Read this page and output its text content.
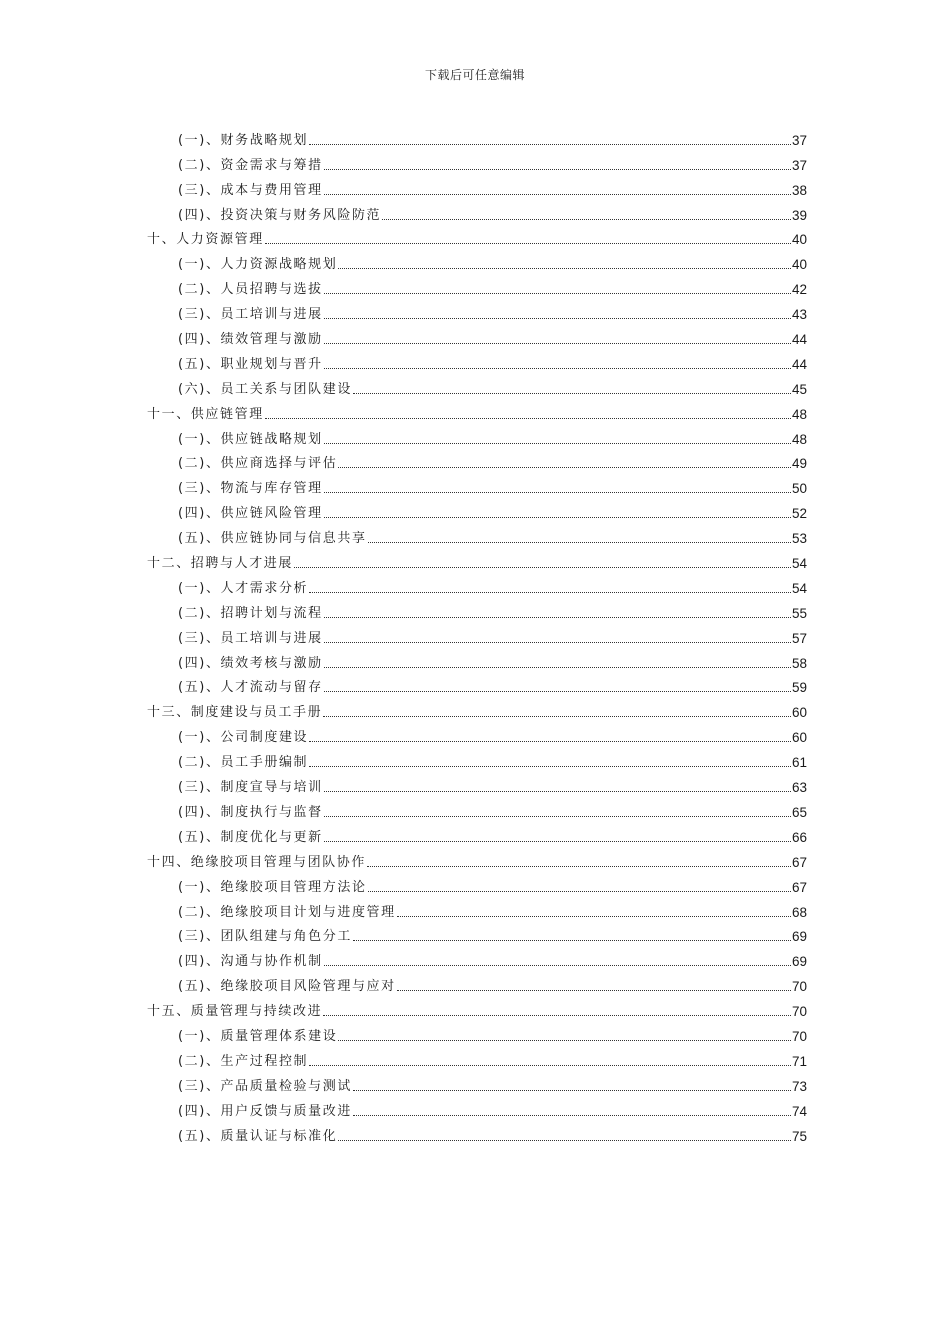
下载后可任意编辑
(一)、财务战略规划	37
(二)、资金需求与筹措	37
(三)、成本与费用管理	38
(四)、投资决策与财务风险防范	39
十、人力资源管理	40
(一)、人力资源战略规划	40
(二)、人员招聘与选拔	42
(三)、员工培训与进展	43
(四)、绩效管理与激励	44
(五)、职业规划与晋升	44
(六)、员工关系与团队建设	45
十一、供应链管理	48
(一)、供应链战略规划	48
(二)、供应商选择与评估	49
(三)、物流与库存管理	50
(四)、供应链风险管理	52
(五)、供应链协同与信息共享	53
十二、招聘与人才进展	54
(一)、人才需求分析	54
(二)、招聘计划与流程	55
(三)、员工培训与进展	57
(四)、绩效考核与激励	58
(五)、人才流动与留存	59
十三、制度建设与员工手册	60
(一)、公司制度建设	60
(二)、员工手册编制	61
(三)、制度宣导与培训	63
(四)、制度执行与监督	65
(五)、制度优化与更新	66
十四、绝缘胶项目管理与团队协作	67
(一)、绝缘胶项目管理方法论	67
(二)、绝缘胶项目计划与进度管理	68
(三)、团队组建与角色分工	69
(四)、沟通与协作机制	69
(五)、绝缘胶项目风险管理与应对	70
十五、质量管理与持续改进	70
(一)、质量管理体系建设	70
(二)、生产过程控制	71
(三)、产品质量检验与测试	73
(四)、用户反馈与质量改进	74
(五)、质量认证与标准化	75
